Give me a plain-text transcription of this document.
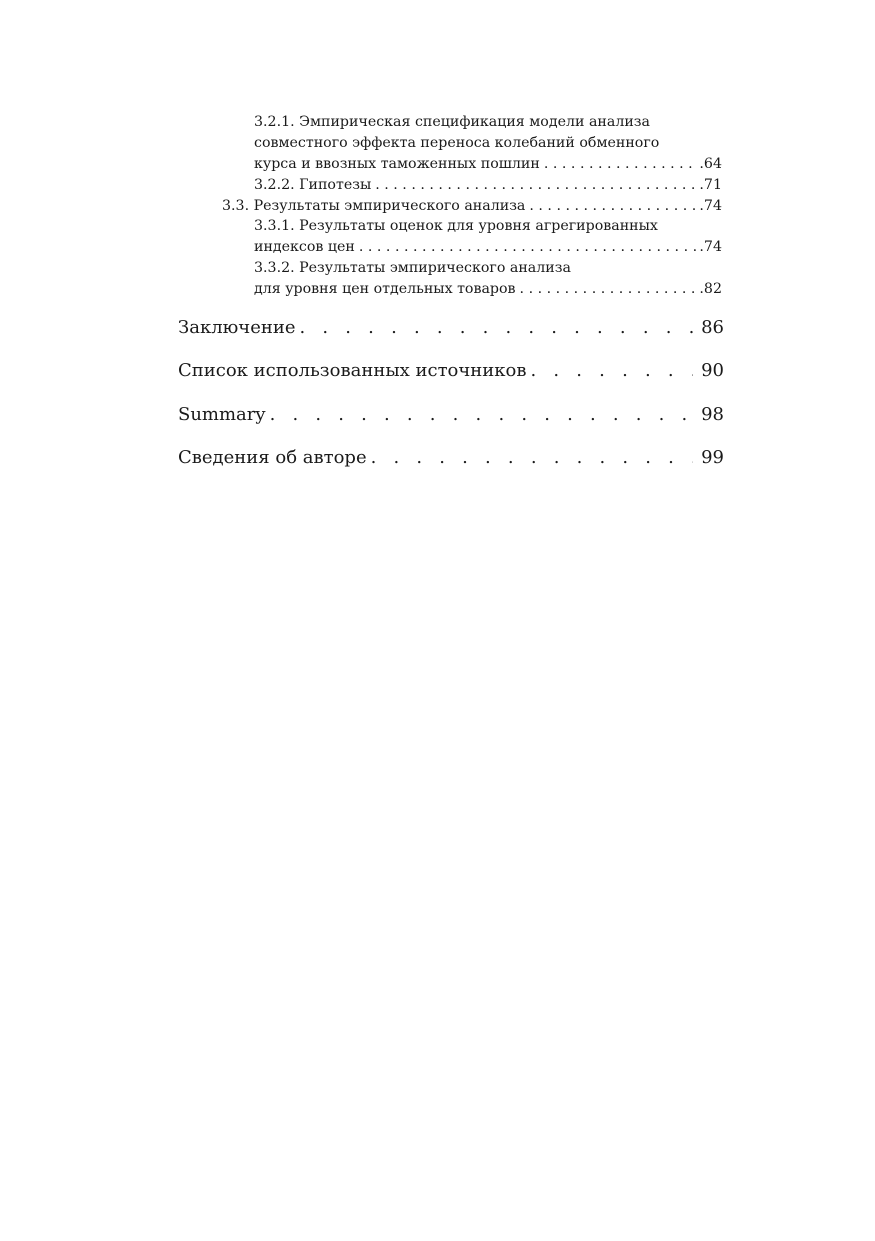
3.2.1. Эмпирическая спецификация модели анализа
совместного эффекта переноса колебаний обменного
курса и ввозных таможенных пошлин . . .	.64
3.2.2. Гипотезы . . .	.71
3.3. Результаты эмпирического анализа . . .	.74
3.3.1. Результаты оценок для уровня агрегированных
индексов цен . . .	.74
3.3.2. Результаты эмпирического анализа
для уровня цен отдельных товаров . . .	.82
Заключение . .	86
Список использованных источников . .	90
Summary . .	98
Сведения об авторе . .	99
